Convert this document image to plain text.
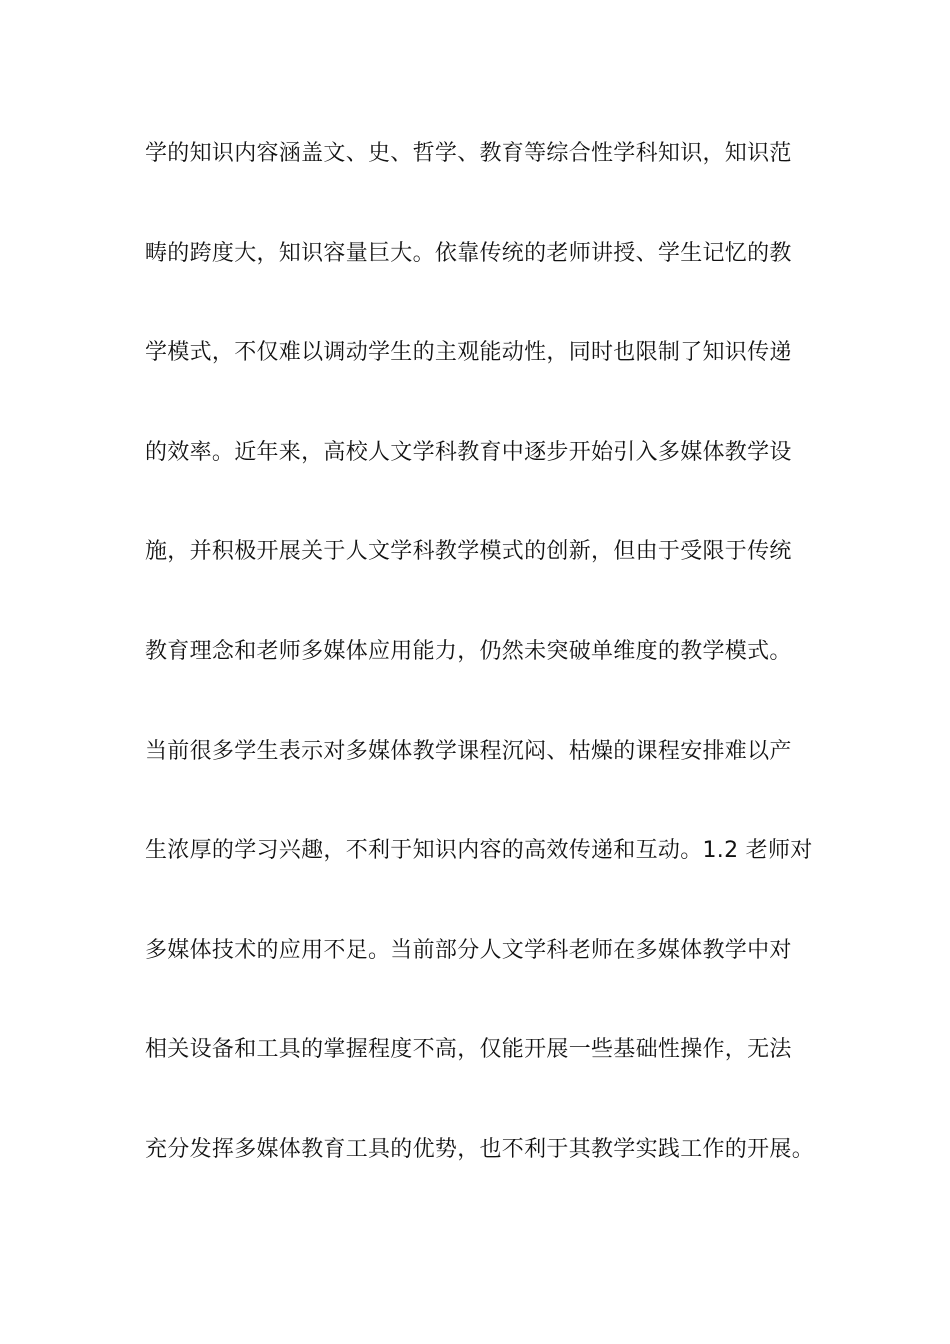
学的知识内容涵盖文、史、哲学、教育等综合性学科知识，知识范
畴的跨度大，知识容量巨大。依靠传统的老师讲授、学生记忆的教
学模式，不仅难以调动学生的主观能动性，同时也限制了知识传递
的效率。近年来，高校人文学科教育中逐步开始引入多媒体教学设
施，并积极开展关于人文学科教学模式的创新，但由于受限于传统
教育理念和老师多媒体应用能力，仍然未突破单维度的教学模式。
当前很多学生表示对多媒体教学课程沉闷、枯燥的课程安排难以产
生浓厚的学习兴趣，不利于知识内容的高效传递和互动。1.2 老师对
多媒体技术的应用不足。当前部分人文学科老师在多媒体教学中对
相关设备和工具的掌握程度不高，仅能开展一些基础性操作，无法
充分发挥多媒体教育工具的优势，也不利于其教学实践工作的开展。
